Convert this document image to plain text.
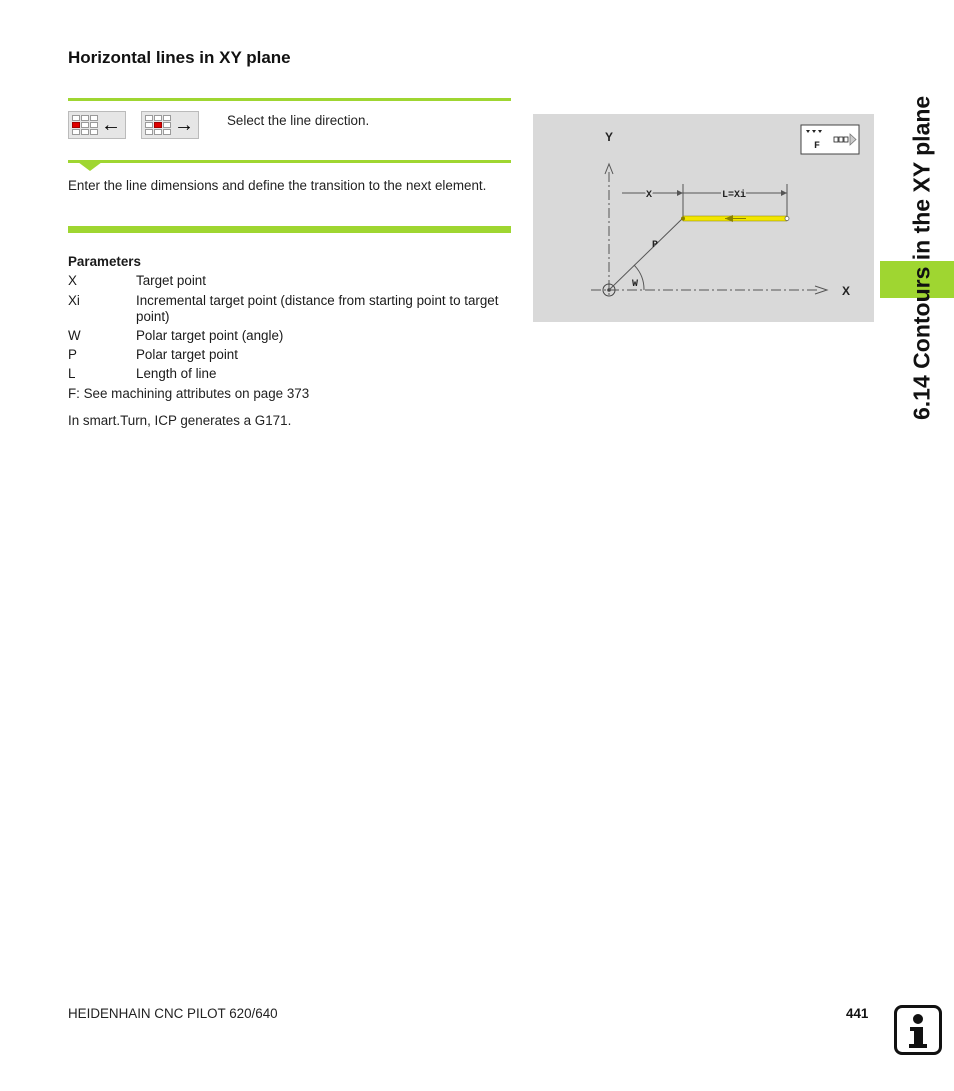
Horizontal lines in XY plane
←	→ Select the line direction.
Enter the line dimensions and define the transition to the next element.
Parameters
X	Target point
Xi	Incremental target point (distance from starting point to target point)
W	Polar target point (angle)
P	Polar target point
L	Length of line
F: See machining attributes on page 373
In smart.Turn, ICP generates a G171.
Y
X
P
W
X	L=Xi
F	6.14 Contours in the XY plane
HEIDENHAIN CNC PILOT 620/640	441
